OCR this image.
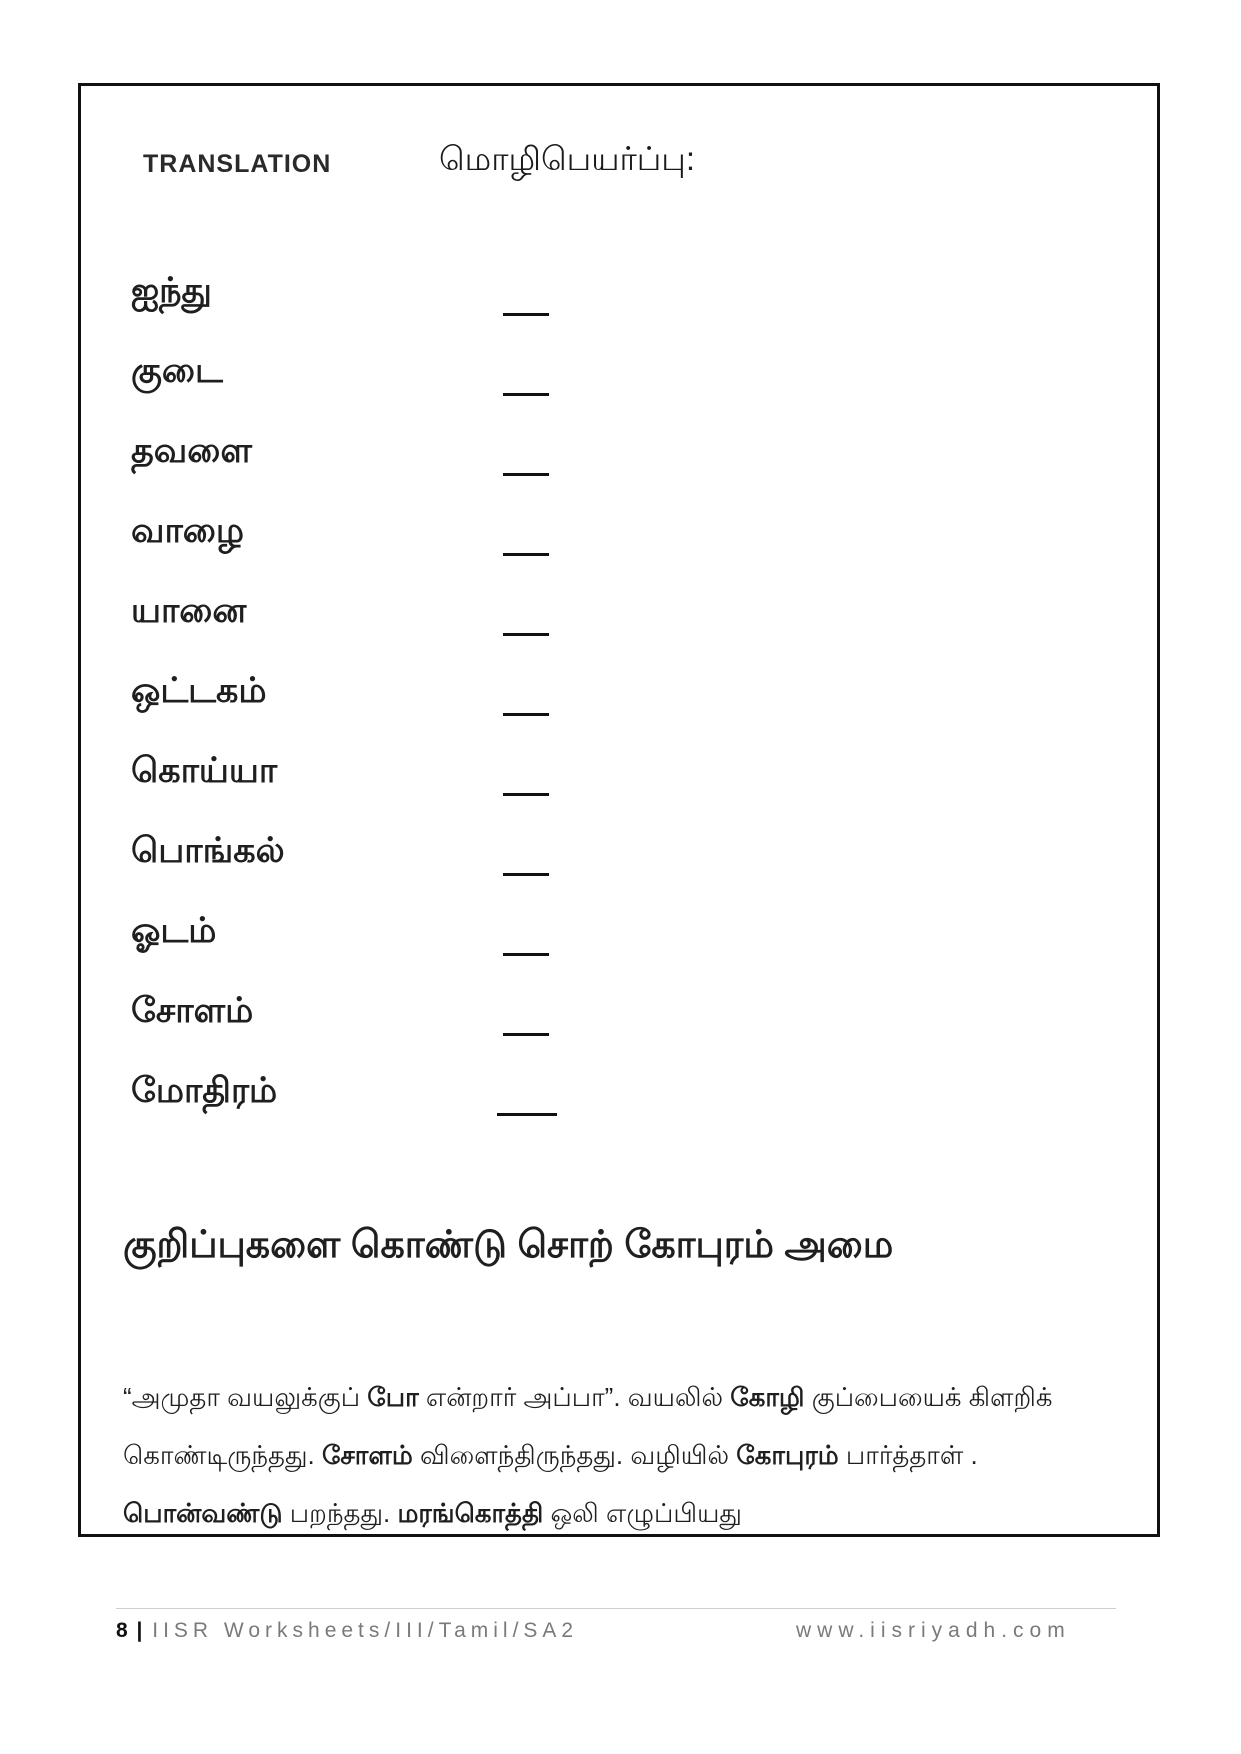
TRANSLATION	மொழிபெயர்ப்பு:
ஐந்து
குடை
தவளை
வாழை
யானை
ஒட்டகம்
கொய்யா
பொங்கல்
ஓடம்
சோளம்
மோதிரம்
குறிப்புகளை கொண்டு சொற் கோபுரம் அமை
“அமுதா வயலுக்குப் போ என்றார் அப்பா”. வயலில் கோழி குப்பையைக் கிளறிக் கொண்டிருந்தது. சோளம் விளைந்திருந்தது. வழியில் கோபுரம் பார்த்தாள் . பொன்வண்டு பறந்தது. மரங்கொத்தி ஒலி எழுப்பியது
8 | IISR Worksheets/III/Tamil/SA2	www.iisriyadh.com
